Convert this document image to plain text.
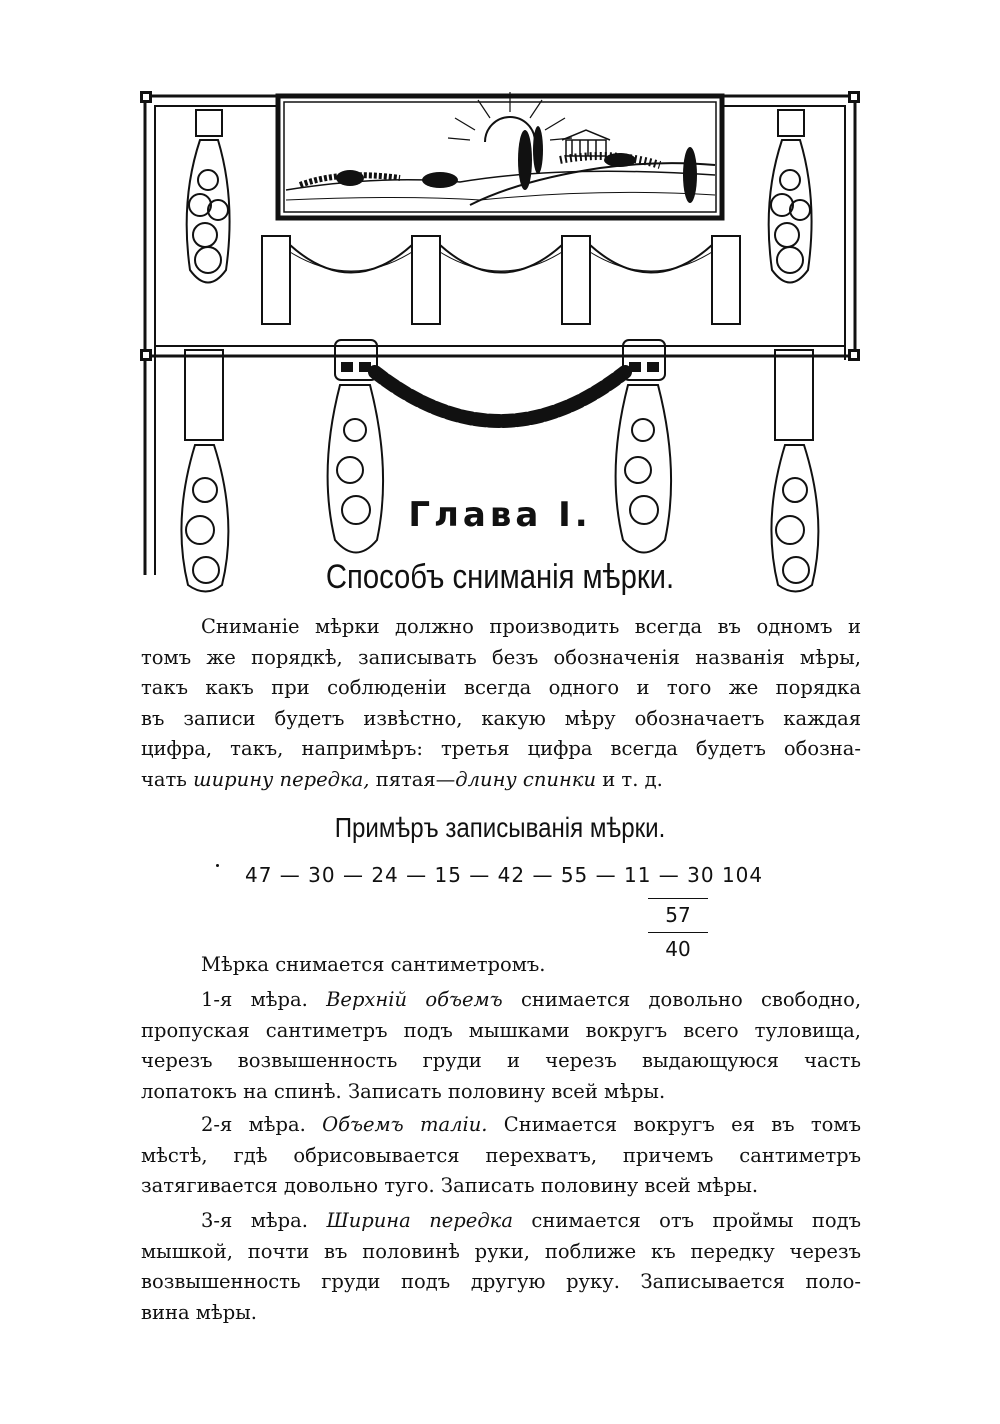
Глава I.
Способъ сниманія мѣрки.
Сниманіе мѣрки должно производить всегда въ одномъ и
томъ же порядкѣ, записывать безъ обозначенія названія мѣры,
такъ какъ при соблюденіи всегда одного и того же порядка
въ записи будетъ извѣстно, какую мѣру обозначаетъ каждая
цифра, такъ, напримѣръ: третья цифра всегда будетъ обозна-
чать ширину передка, пятая—длину спинки и т. д.
Примѣръ записыванія мѣрки.
47 — 30 — 24 — 15 — 42 — 55 — 11 — 30 104
57
40
Мѣрка снимается сантиметромъ.
1-я мѣра. Верхній объемъ снимается довольно свободно,
пропуская сантиметръ подъ мышками вокругъ всего туловища,
черезъ возвышенность груди и черезъ выдающуюся часть
лопатокъ на спинѣ. Записать половину всей мѣры.
2-я мѣра. Объемъ таліи. Снимается вокругъ ея въ томъ
мѣстѣ, гдѣ обрисовывается перехватъ, причемъ сантиметръ
затягивается довольно туго. Записать половину всей мѣры.
3-я мѣра. Ширина передка снимается отъ проймы подъ
мышкой, почти въ половинѣ руки, поближе къ передку черезъ
возвышенность груди подъ другую руку. Записывается поло-
вина мѣры.
